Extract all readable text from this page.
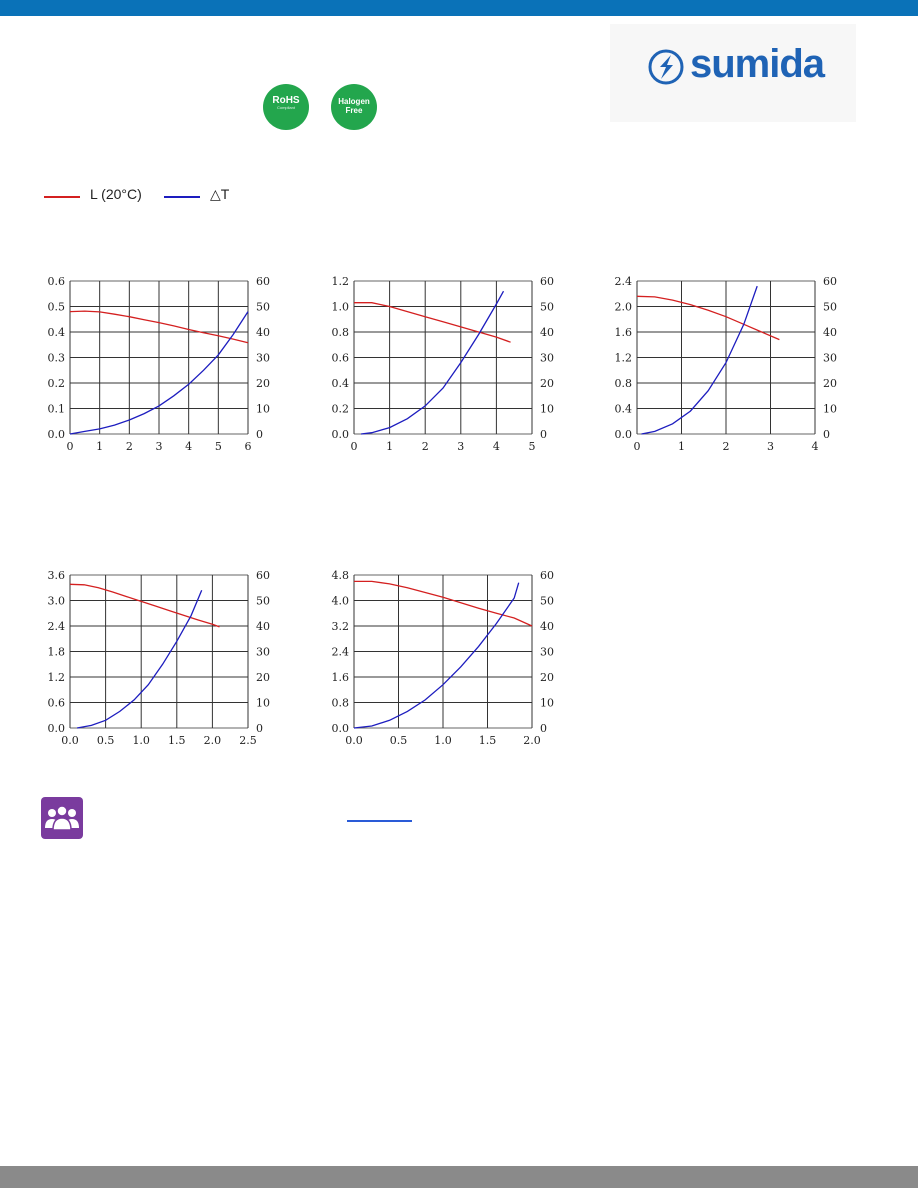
sumida
RoHS
Compliant
Halogen Free
L (20°C)	△T
0.0	0
0.1	10
0.2	20
0.3	30
0.4	40
0.5	50
0.6	60
0 1 2 3 4 5 6
0.0	0
0.2	10
0.4	20
0.6	30
0.8	40
1.0	50
1.2	60
0	1	2	3	4	5
0.0	0
0.4	10
0.8	20
1.2	30
1.6	40
2.0	50
2.4	60
0	1	2	3	4
0.0	0
0.6	10
1.2	20
1.8	30
2.4	40
3.0	50
3.6	60
0.0 0.5 1.0 1.5 2.0 2.5
0.0	0
0.8	10
1.6	20
2.4	30
3.2	40
4.0	50
4.8	60
0.0 0.5 1.0 1.5 2.0
